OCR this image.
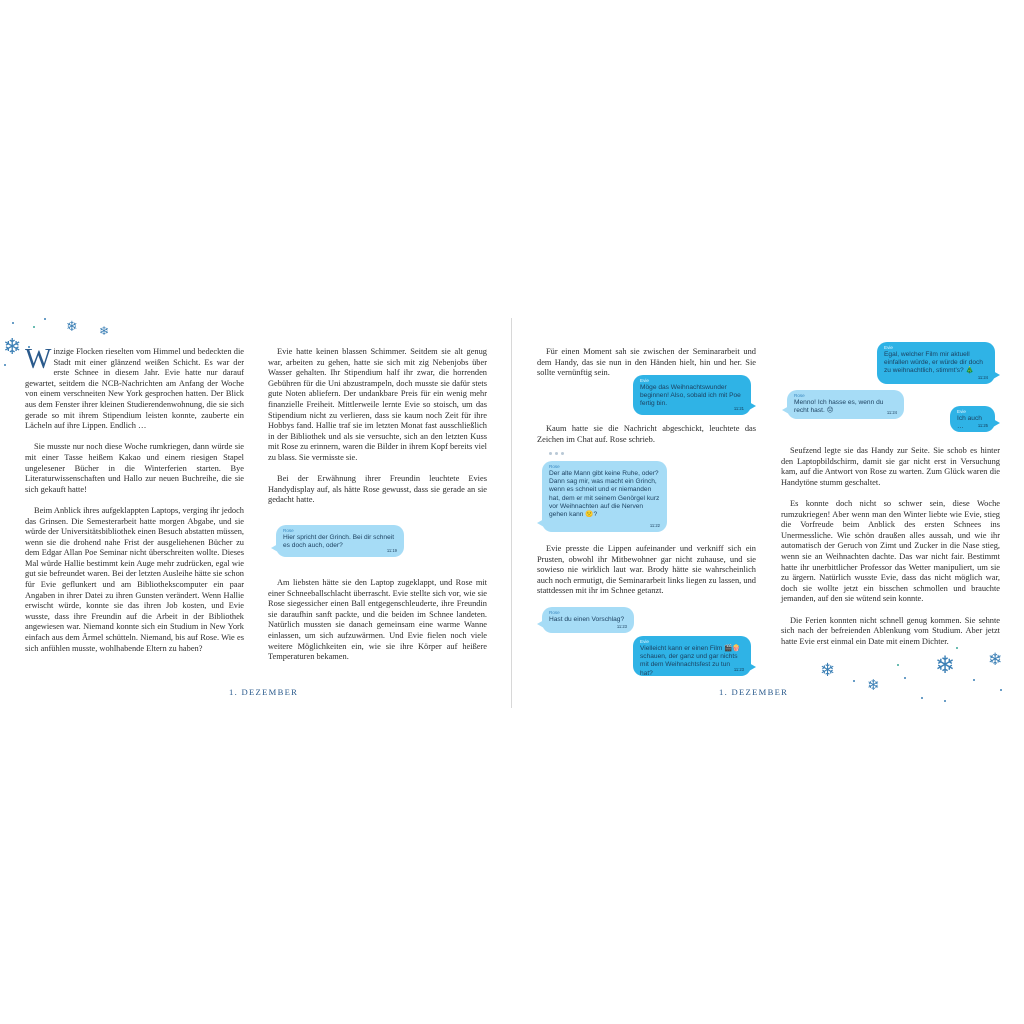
❄
❄ ❄

Winzige Flocken rieselten vom Himmel und bedeckten die Stadt mit einer glänzend weißen Schicht. Es war der erste Schnee in diesem Jahr. Evie hatte nur darauf gewartet, seitdem die NCB-Nachrichten am Anfang der Woche von einem verschneiten New York gesprochen hatten. Der Blick aus dem Fenster ihrer kleinen Studierendenwohnung, die sie sich gerade so mit ihrem Stipendium leisten konnte, zauberte ein Lächeln auf ihre Lippen. Endlich …

Sie musste nur noch diese Woche rumkriegen, dann würde sie mit einer Tasse heißem Kakao und einem riesigen Stapel ungelesener Bücher in die Winterferien starten. Bye Literaturwissenschaften und Hallo zur neuen Buchreihe, die sie sich gekauft hatte!

Beim Anblick ihres aufgeklappten Laptops, verging ihr jedoch das Grinsen. Die Semesterarbeit hatte morgen Abgabe, und sie würde der Universitätsbibliothek einen Besuch abstatten müssen, wenn sie die drohend nahe Frist der ausgeliehenen Bücher zu dem Edgar Allan Poe Seminar nicht überschreiten wollte. Dieses Mal würde Hallie bestimmt kein Auge mehr zudrücken, egal wie gut sie befreundet waren. Bei der letzten Ausleihe hätte sie schon für Evie geflunkert und am Bibliothekscomputer ein paar Angaben in ihrer Datei zu ihren Gunsten verändert. Wenn Hallie erwischt würde, konnte sie das ihren Job kosten, und Evie wusste, dass ihre Freundin auf die Arbeit in der Bibliothek angewiesen war. Niemand konnte sich ein Studium in New York einfach aus dem Ärmel schütteln. Niemand, bis auf Rose. Wie es sich anfühlen musste, wohlhabende Eltern zu haben?

Evie hatte keinen blassen Schimmer. Seitdem sie alt genug war, arbeiten zu gehen, hatte sie sich mit zig Nebenjobs über Wasser gehalten. Ihr Stipendium half ihr zwar, die horrenden Gebühren für die Uni abzustrampeln, doch musste sie dafür stets gute Noten abliefern. Der undankbare Preis für ein wenig mehr finanzielle Freiheit. Mittlerweile lernte Evie so stoisch, um das Stipendium nicht zu verlieren, dass sie kaum noch Zeit für ihre Hobbys fand. Hallie traf sie im letzten Monat fast ausschließlich in der Bibliothek und als sie versuchte, sich an den letzten Kuss mit Rose zu erinnern, waren die Bilder in ihrem Kopf bereits viel zu blass. Sie vermisste sie.

Bei der Erwähnung ihrer Freundin leuchtete Evies Handydisplay auf, als hätte Rose gewusst, dass sie gerade an sie gedacht hatte.

Rose
Hier spricht der Grinch. Bei dir schneit es doch auch, oder?
11:19

Am liebsten hätte sie den Laptop zugeklappt, und Rose mit einer Schneeballschlacht überrascht. Evie stellte sich vor, wie sie Rose siegessicher einen Ball entgegenschleuderte, ihre Freundin sie daraufhin sanft packte, und die beiden im Schnee landeten. Natürlich mussten sie danach gemeinsam eine warme Wanne einlassen, um sich aufzuwärmen. Und Evie fielen noch viele weitere Möglichkeiten ein, wie sie ihre Körper auf heißere Temperaturen bekamen.

1. DEZEMBER

Für einen Moment sah sie zwischen der Seminararbeit und dem Handy, das sie nun in den Händen hielt, hin und her. Sie sollte vernünftig sein.

Evie
Möge das Weihnachtswunder beginnen! Also, sobald ich mit Poe fertig bin.
11:21

Kaum hatte sie die Nachricht abgeschickt, leuchtete das Zeichen im Chat auf. Rose schrieb.

Rose
Der alte Mann gibt keine Ruhe, oder? Dann sag mir, was macht ein Grinch, wenn es schneit und er niemanden hat, dem er mit seinem Genörgel kurz vor Weihnachten auf die Nerven gehen kann 🙁?
11:22

Evie presste die Lippen aufeinander und verkniff sich ein Prusten, obwohl ihr Mitbewohner gar nicht zuhause, und sie sowieso nie wirklich laut war. Brody hätte sie wahrscheinlich auch noch ermutigt, die Seminararbeit links liegen zu lassen, und stattdessen mit ihr im Schnee getanzt.

Rose
Hast du einen Vorschlag?
11:23
Evie
Vielleicht kann er einen Film 🎬🍿 schauen, der ganz und gar nichts mit dem Weihnachtsfest zu tun hat?
11:23
1. DEZEMBER
Evie
Egal, welcher Film mir aktuell einfallen würde, er würde dir doch zu weihnachtlich, stimmt's? 🎄
11:24
Rose
Menno! Ich hasse es, wenn du recht hast. 😞	11:24	Evie
Ich auch …	11:25

Seufzend legte sie das Handy zur Seite. Sie schob es hinter den Laptopbildschirm, damit sie gar nicht erst in Versuchung kam, auf die Antwort von Rose zu warten. Zum Glück waren die Handytöne stumm geschaltet.

Es konnte doch nicht so schwer sein, diese Woche rumzukriegen! Aber wenn man den Winter liebte wie Evie, stieg die Vorfreude beim Anblick des ersten Schnees ins Unermessliche. Wie schön draußen alles aussah, und wie ihr automatisch der Geruch von Zimt und Zucker in die Nase stieg, wenn sie an Weihnachten dachte. Das war nicht fair. Bestimmt hatte ihr unerbittlicher Professor das Wetter manipuliert, um sie zu ärgern. Natürlich wusste Evie, dass das nicht möglich war, doch sie wollte jetzt ein bisschen schmollen und brauchte jemanden, auf den sie wütend sein konnte.

Die Ferien konnten nicht schnell genug kommen. Sie sehnte sich nach der befreienden Ablenkung vom Studium. Aber jetzt hatte Evie erst einmal ein Date mit einem Dichter.

❄
❄
❄ ❄
